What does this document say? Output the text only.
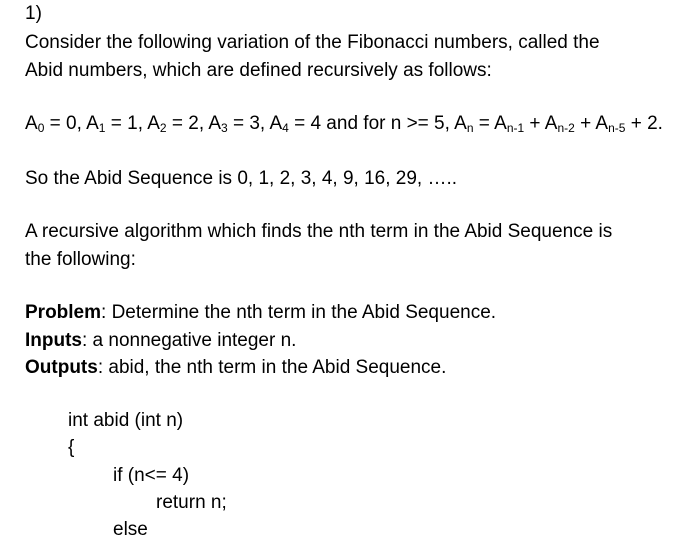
1)
Consider the following variation of the Fibonacci numbers, called the
Abid numbers, which are defined recursively as follows:
$A_0 = 0$, $A_1 = 1$, $A_2 = 2$, $A_3 = 3$, $A_4 = 4$ and for n >= 5, $A_n = A_{n-1} + A_{n-2} + A_{n-5} + 2$.
So the Abid Sequence is 0, 1, 2, 3, 4, 9, 16, 29, …..
A recursive algorithm which finds the nth term in the Abid Sequence is
the following:
Problem: Determine the nth term in the Abid Sequence.
Inputs: a nonnegative integer n.
Outputs: abid, the nth term in the Abid Sequence.
int abid (int n)
{
if (n<= 4)
return n;
else
